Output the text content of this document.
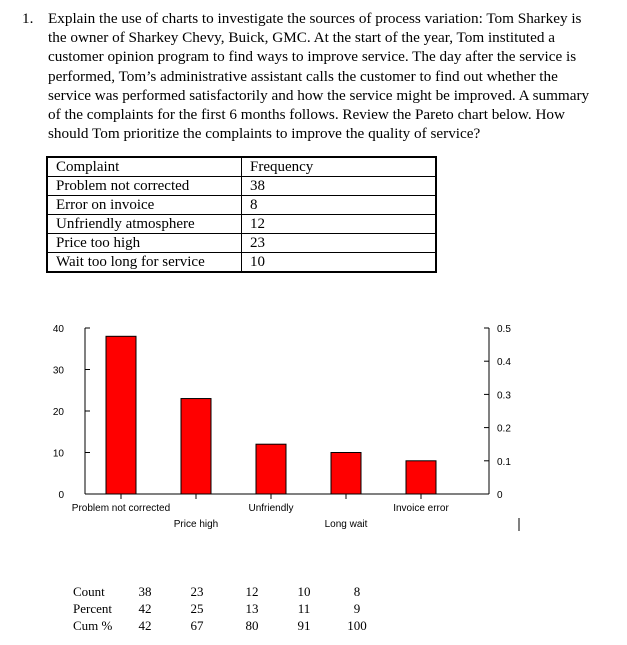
1. Explain the use of charts to investigate the sources of process variation: Tom Sharkey is
the owner of Sharkey Chevy, Buick, GMC. At the start of the year, Tom instituted a
customer opinion program to find ways to improve service. The day after the service is
performed, Tom’s administrative assistant calls the customer to find out whether the
service was performed satisfactorily and how the service might be improved. A summary
of the complaints for the first 6 months follows. Review the Pareto chart below. How
should Tom prioritize the complaints to improve the quality of service?
Complaint	Frequency
Problem not corrected	38
Error on invoice	8
Unfriendly atmosphere	12
Price too high	23
Wait too long for service	10
0
10
20
30
40
0
0.1
0.2
0.3
0.4
0.5
Problem not corrected
Price high
Unfriendly
Long wait
Invoice error
Count	38	23	12	10	8
Percent 42	25	13	11	9
Cum % 42	67	80	91	100
